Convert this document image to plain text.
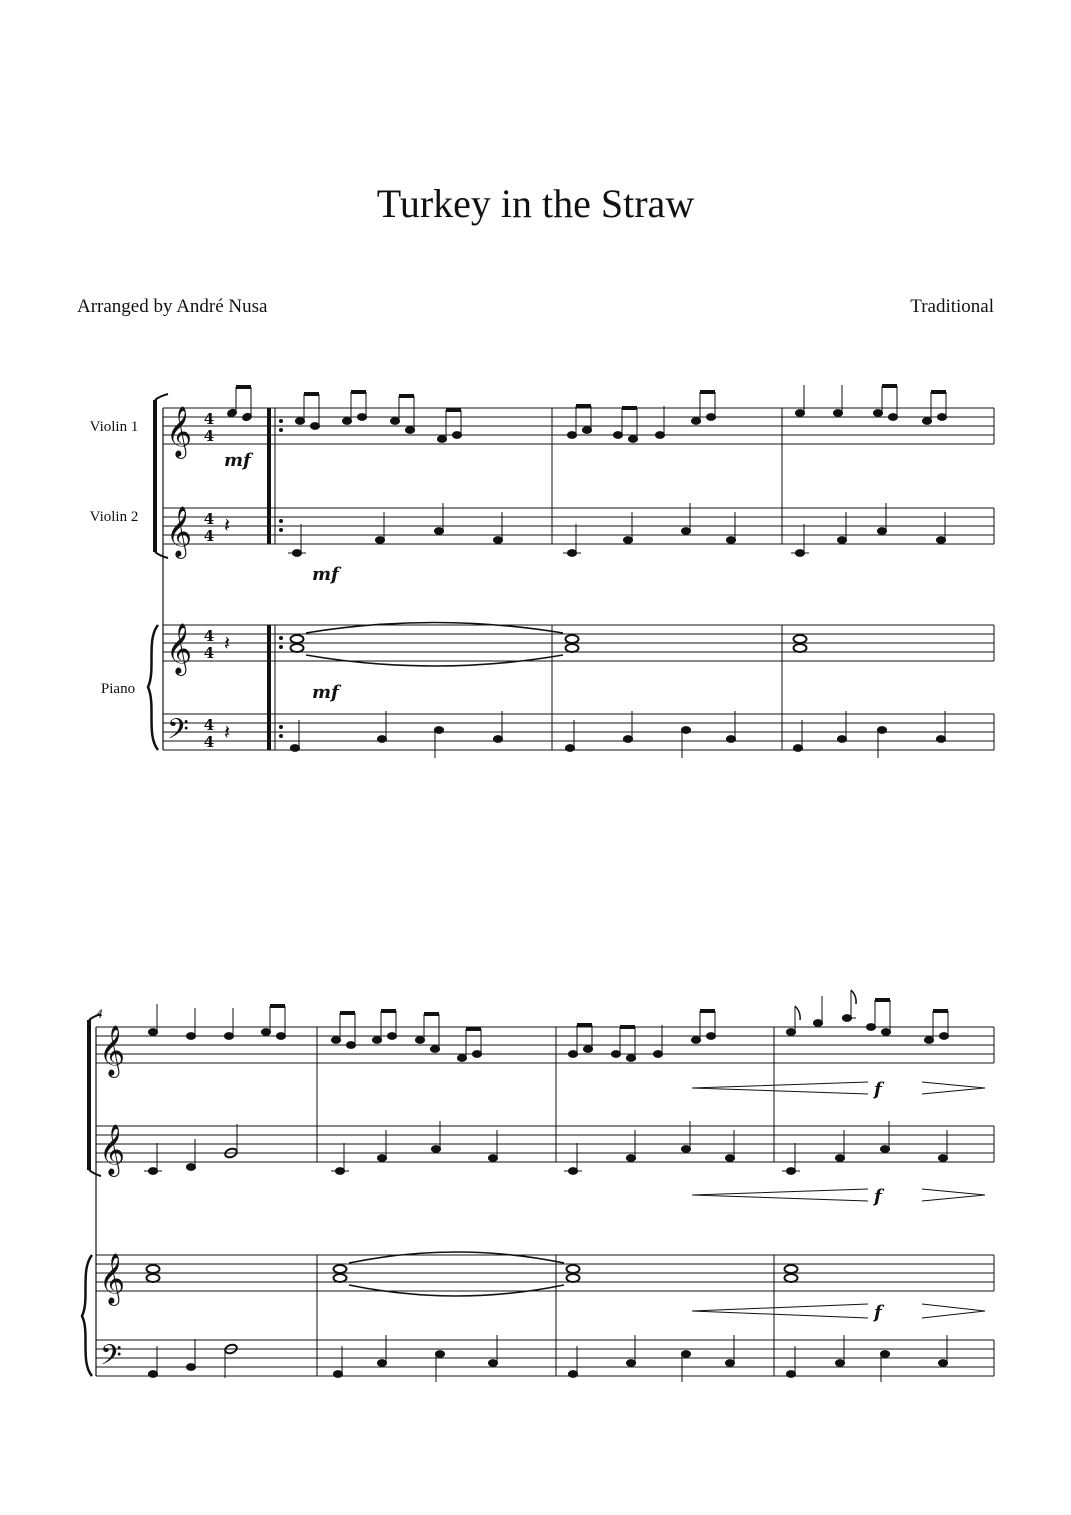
Turkey in the Straw
Arranged by André Nusa	Traditional
𝄞
𝄞
𝄞
𝄢
4
4
4
4
4
4
4
4
Violin 1
Violin 2
Piano
mf
𝄽
mf
𝄽
𝄽
mf
4
𝄞
𝄞
𝄞
𝄢
f
f
f
